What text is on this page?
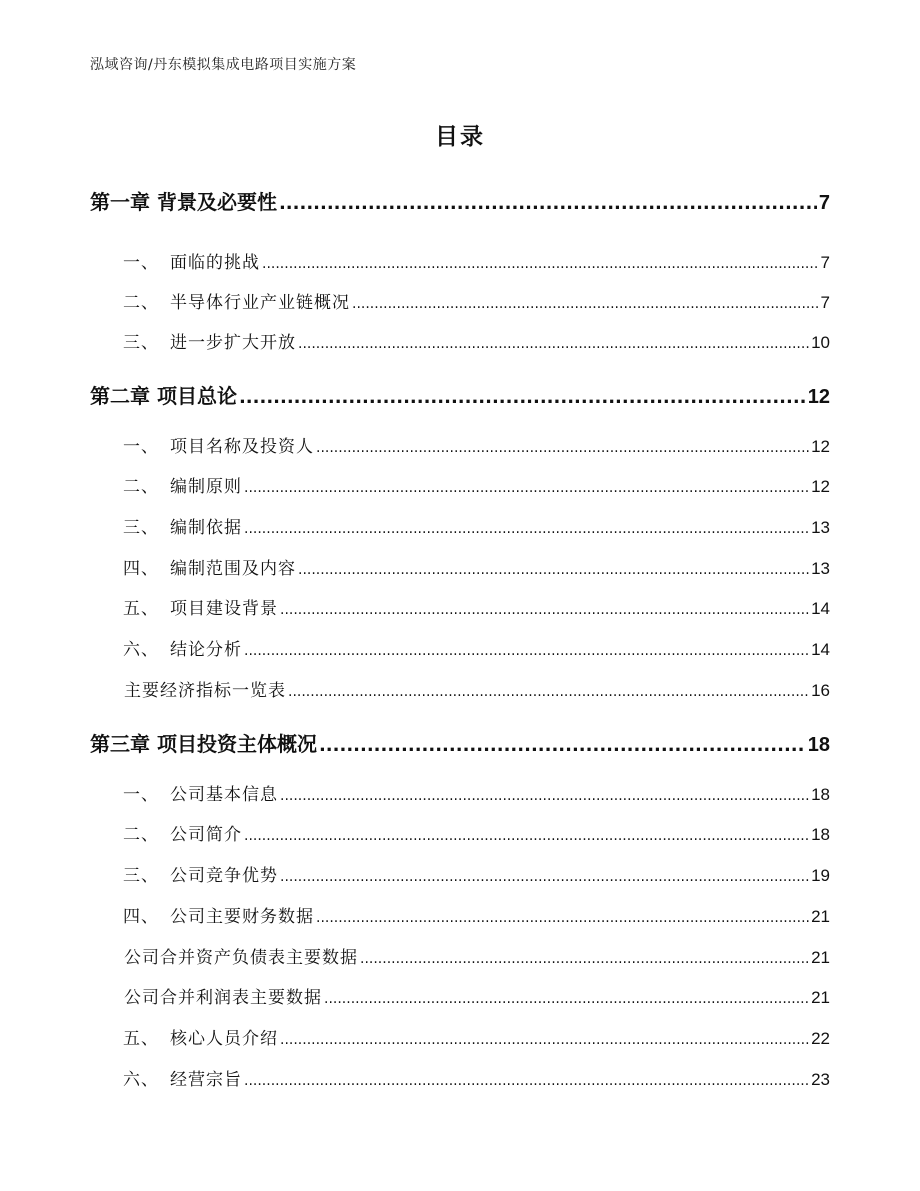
泓域咨询/丹东模拟集成电路项目实施方案
目录
第一章 背景及必要性 .....	7
一、 面临的挑战 .....	7
二、 半导体行业产业链概况 .....	7
三、 进一步扩大开放 .....	10
第二章 项目总论 .....	12
一、 项目名称及投资人 .....	12
二、 编制原则 .....	12
三、 编制依据 .....	13
四、 编制范围及内容 .....	13
五、 项目建设背景 .....	14
六、 结论分析 .....	14
主要经济指标一览表 .....	16
第三章 项目投资主体概况 .....	18
一、 公司基本信息 .....	18
二、 公司简介 .....	18
三、 公司竞争优势 .....	19
四、 公司主要财务数据 .....	21
公司合并资产负债表主要数据 .....	21
公司合并利润表主要数据 .....	21
五、 核心人员介绍 .....	22
六、 经营宗旨 .....	23
